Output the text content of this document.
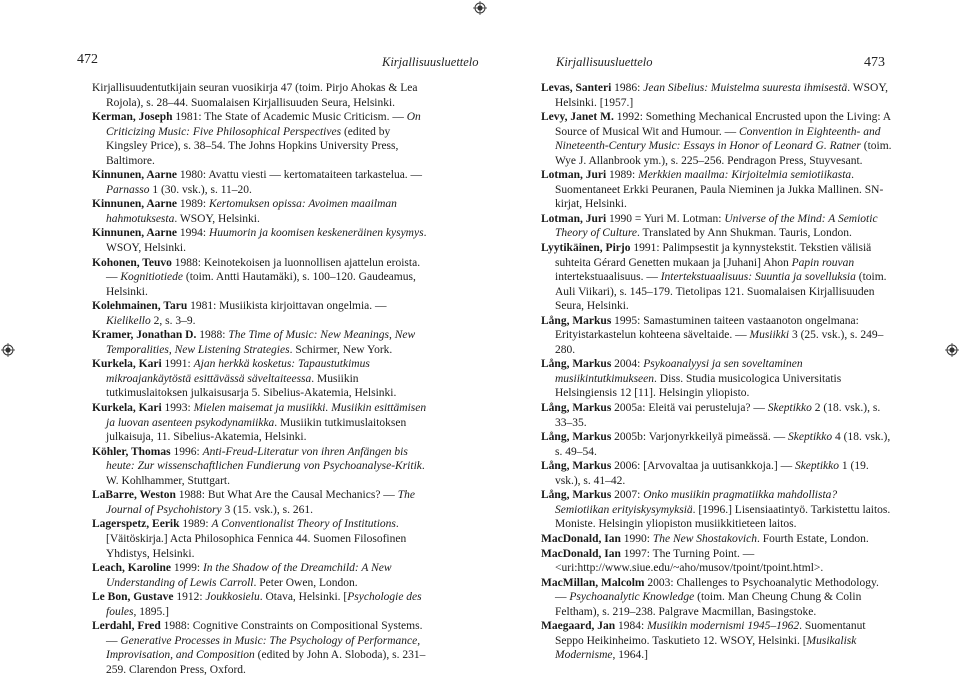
472	Kirjallisuusluettelo	Kirjallisuusluettelo	473
Kirjallisuudentutkijain seuran vuosikirja 47 (toim. Pirjo Ahokas & Lea Rojola), s. 28–44. Suomalaisen Kirjallisuuden Seura, Helsinki.
Kerman, Joseph 1981: The State of Academic Music Criticism. — On Criticizing Music: Five Philosophical Perspectives (edited by Kingsley Price), s. 38–54. The Johns Hopkins University Press, Baltimore.
Kinnunen, Aarne 1980: Avattu viesti — kertomataiteen tarkastelua. — Parnasso 1 (30. vsk.), s. 11–20.
Kinnunen, Aarne 1989: Kertomuksen opissa: Avoimen maailman hahmotuksesta. WSOY, Helsinki.
Kinnunen, Aarne 1994: Huumorin ja koomisen keskeneräinen kysymys. WSOY, Helsinki.
Kohonen, Teuvo 1988: Keinotekoisen ja luonnollisen ajattelun eroista. — Kognitiotiede (toim. Antti Hautamäki), s. 100–120. Gaudeamus, Helsinki.
Kolehmainen, Taru 1981: Musiikista kirjoittavan ongelmia. — Kielikello 2, s. 3–9.
Kramer, Jonathan D. 1988: The Time of Music: New Meanings, New Temporalities, New Listening Strategies. Schirmer, New York.
Kurkela, Kari 1991: Ajan herkkä kosketus: Tapaustutkimus mikroajankäytöstä esittävässä säveltaiteessa. Musiikin tutkimuslaitoksen julkaisusarja 5. Sibelius-Akatemia, Helsinki.
Kurkela, Kari 1993: Mielen maisemat ja musiikki. Musiikin esittämisen ja luovan asenteen psykodynamiikka. Musiikin tutkimuslaitoksen julkaisuja, 11. Sibelius-Akatemia, Helsinki.
Köhler, Thomas 1996: Anti-Freud-Literatur von ihren Anfängen bis heute: Zur wissenschaftlichen Fundierung von Psychoanalyse-Kritik. W. Kohlhammer, Stuttgart.
LaBarre, Weston 1988: But What Are the Causal Mechanics? — The Journal of Psychohistory 3 (15. vsk.), s. 261.
Lagerspetz, Eerik 1989: A Conventionalist Theory of Institutions. [Väitöskirja.] Acta Philosophica Fennica 44. Suomen Filosofinen Yhdistys, Helsinki.
Leach, Karoline 1999: In the Shadow of the Dreamchild: A New Understanding of Lewis Carroll. Peter Owen, London.
Le Bon, Gustave 1912: Joukkosielu. Otava, Helsinki. [Psychologie des foules, 1895.]
Lerdahl, Fred 1988: Cognitive Constraints on Compositional Systems. — Generative Processes in Music: The Psychology of Performance, Improvisation, and Composition (edited by John A. Sloboda), s. 231–259. Clarendon Press, Oxford.
Levas, Santeri 1986: Jean Sibelius: Muistelma suuresta ihmisestä. WSOY, Helsinki. [1957.]
Levy, Janet M. 1992: Something Mechanical Encrusted upon the Living: A Source of Musical Wit and Humour. — Convention in Eighteenth- and Nineteenth-Century Music: Essays in Honor of Leonard G. Ratner (toim. Wye J. Allanbrook ym.), s. 225–256. Pendragon Press, Stuyvesant.
Lotman, Juri 1989: Merkkien maailma: Kirjoitelmia semiotiikasta. Suomentaneet Erkki Peuranen, Paula Nieminen ja Jukka Mallinen. SN-kirjat, Helsinki.
Lotman, Juri 1990 = Yuri M. Lotman: Universe of the Mind: A Semiotic Theory of Culture. Translated by Ann Shukman. Tauris, London.
Lyytikäinen, Pirjo 1991: Palimpsestit ja kynnystekstit. Tekstien välisiä suhteita Gérard Genetten mukaan ja [Juhani] Ahon Papin rouvan intertekstuaalisuus. — Intertekstuaalisuus: Suuntia ja sovelluksia (toim. Auli Viikari), s. 145–179. Tietolipas 121. Suomalaisen Kirjallisuuden Seura, Helsinki.
Lång, Markus 1995: Samastuminen taiteen vastaanoton ongelmana: Erityistarkastelun kohteena säveltaide. — Musiikki 3 (25. vsk.), s. 249–280.
Lång, Markus 2004: Psykoanalyysi ja sen soveltaminen musiikintutkimukseen. Diss. Studia musicologica Universitatis Helsingiensis 12 [11]. Helsingin yliopisto.
Lång, Markus 2005a: Eleitä vai perusteluja? — Skeptikko 2 (18. vsk.), s. 33–35.
Lång, Markus 2005b: Varjonyrkkeilyä pimeässä. — Skeptikko 4 (18. vsk.), s. 49–54.
Lång, Markus 2006: [Arvovaltaa ja uutisankkoja.] — Skeptikko 1 (19. vsk.), s. 41–42.
Lång, Markus 2007: Onko musiikin pragmatiikka mahdollista? Semiotiikan erityiskysymyksiä. [1996.] Lisensiaatintyö. Tarkistettu laitos. Moniste. Helsingin yliopiston musiikkitieteen laitos.
MacDonald, Ian 1990: The New Shostakovich. Fourth Estate, London.
MacDonald, Ian 1997: The Turning Point. — <uri:http://www.siue.edu/~aho/musov/tpoint/tpoint.html>.
MacMillan, Malcolm 2003: Challenges to Psychoanalytic Methodology. — Psychoanalytic Knowledge (toim. Man Cheung Chung & Colin Feltham), s. 219–238. Palgrave Macmillan, Basingstoke.
Maegaard, Jan 1984: Musiikin modernismi 1945–1962. Suomentanut Seppo Heikinheimo. Taskutieto 12. WSOY, Helsinki. [Musikalisk Modernisme, 1964.]
